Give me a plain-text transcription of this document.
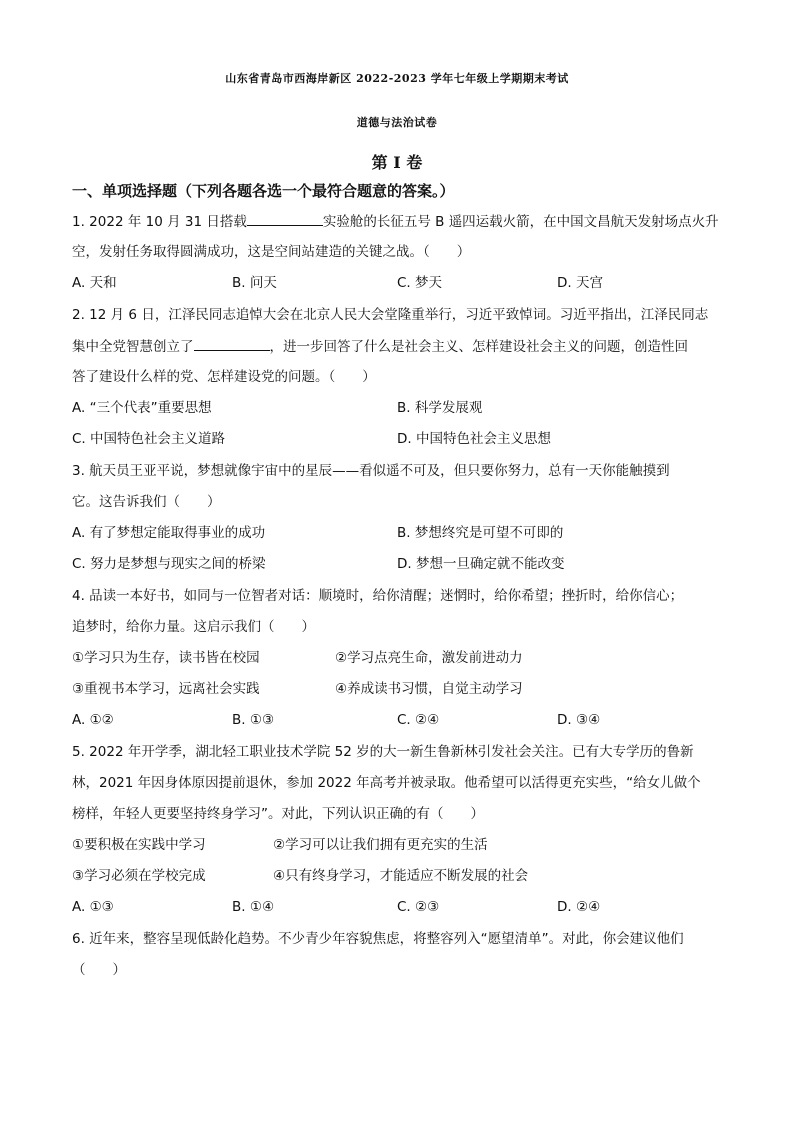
山东省青岛市西海岸新区 2022-2023 学年七年级上学期期末考试
道德与法治试卷
第 I 卷
一、单项选择题（下列各题各选一个最符合题意的答案。）
1. 2022 年 10 月 31 日搭载	实验舱的长征五号 B 遥四运载火箭，在中国文昌航天发射场点火升
空，发射任务取得圆满成功，这是空间站建造的关键之战。（　　）
A. 天和	B. 问天	C. 梦天	D. 天宫
2. 12 月 6 日，江泽民同志追悼大会在北京人民大会堂隆重举行，习近平致悼词。习近平指出，江泽民同志
集中全党智慧创立了	，进一步回答了什么是社会主义、怎样建设社会主义的问题，创造性回
答了建设什么样的党、怎样建设党的问题。（　　）
A. “三个代表”重要思想	B. 科学发展观
C. 中国特色社会主义道路	D. 中国特色社会主义思想
3. 航天员王亚平说，梦想就像宇宙中的星辰——看似遥不可及，但只要你努力，总有一天你能触摸到
它。这告诉我们（　　）
A. 有了梦想定能取得事业的成功	B. 梦想终究是可望不可即的
C. 努力是梦想与现实之间的桥梁	D. 梦想一旦确定就不能改变
4. 品读一本好书，如同与一位智者对话：顺境时，给你清醒；迷惘时，给你希望；挫折时，给你信心；
追梦时，给你力量。这启示我们（　　）
①学习只为生存，读书皆在校园	②学习点亮生命，激发前进动力
③重视书本学习，远离社会实践	④养成读书习惯，自觉主动学习
A. ①②	B. ①③	C. ②④	D. ③④
5. 2022 年开学季，湖北轻工职业技术学院 52 岁的大一新生鲁新林引发社会关注。已有大专学历的鲁新
林，2021 年因身体原因提前退休，参加 2022 年高考并被录取。他希望可以活得更充实些，“给女儿做个
榜样，年轻人更要坚持终身学习”。对此，下列认识正确的有（　　）
①要积极在实践中学习	②学习可以让我们拥有更充实的生活
③学习必须在学校完成	④只有终身学习，才能适应不断发展的社会
A. ①③	B. ①④	C. ②③	D. ②④
6. 近年来，整容呈现低龄化趋势。不少青少年容貌焦虑，将整容列入“愿望清单”。对此，你会建议他们
（　　）
